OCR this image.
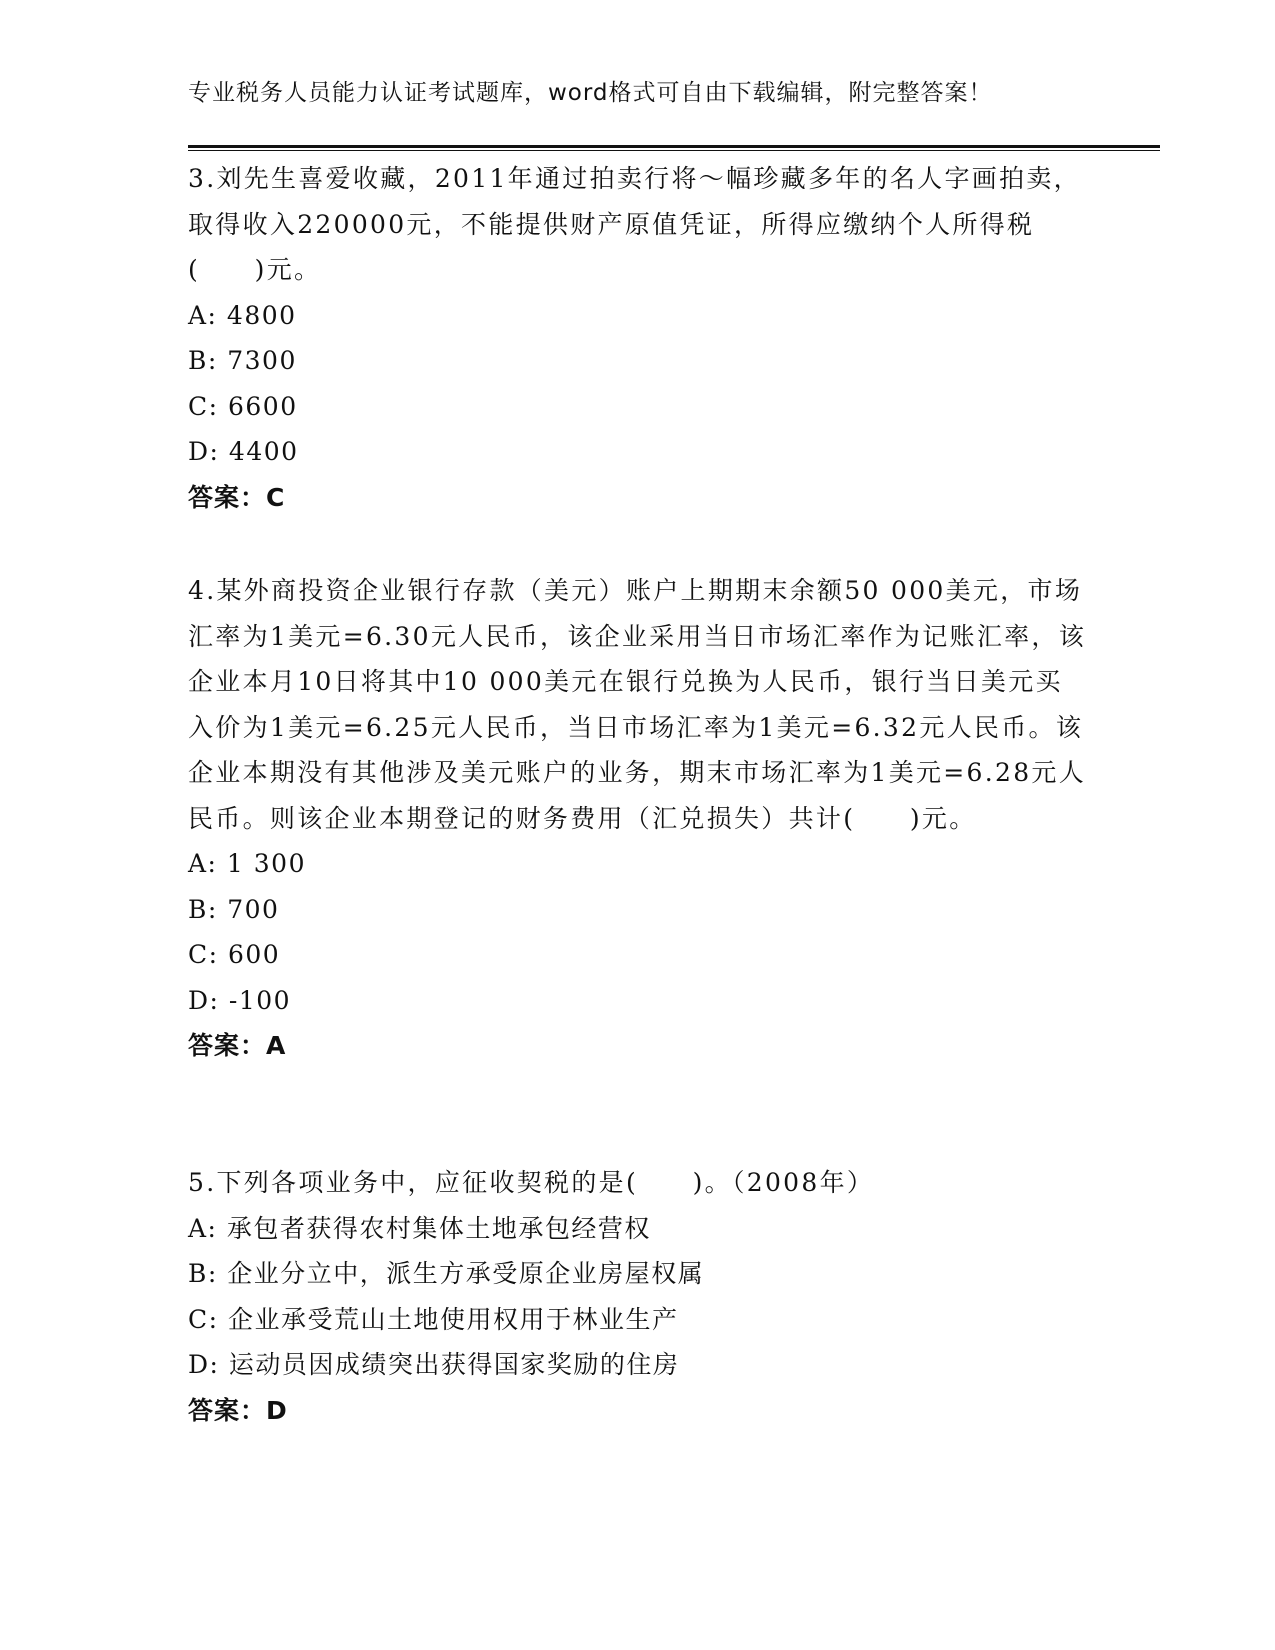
专业税务人员能力认证考试题库，word格式可自由下载编辑，附完整答案！

3.刘先生喜爱收藏，2011年通过拍卖行将～幅珍藏多年的名人字画拍卖，取得收入220000元，不能提供财产原值凭证，所得应缴纳个人所得税(　　)元。

A: 4800

B: 7300

C: 6600

D: 4400

答案：C

4.某外商投资企业银行存款（美元）账户上期期末余额50 000美元，市场汇率为1美元=6.30元人民币，该企业采用当日市场汇率作为记账汇率，该企业本月10日将其中10 000美元在银行兑换为人民币，银行当日美元买入价为1美元=6.25元人民币，当日市场汇率为1美元=6.32元人民币。该企业本期没有其他涉及美元账户的业务，期末市场汇率为1美元=6.28元人民币。则该企业本期登记的财务费用（汇兑损失）共计(　　)元。

A: 1 300

B: 700

C: 600

D: -100

答案：A

5.下列各项业务中，应征收契税的是(　　)。（2008年）

A: 承包者获得农村集体土地承包经营权

B: 企业分立中，派生方承受原企业房屋权属

C: 企业承受荒山土地使用权用于林业生产

D: 运动员因成绩突出获得国家奖励的住房

答案：D
